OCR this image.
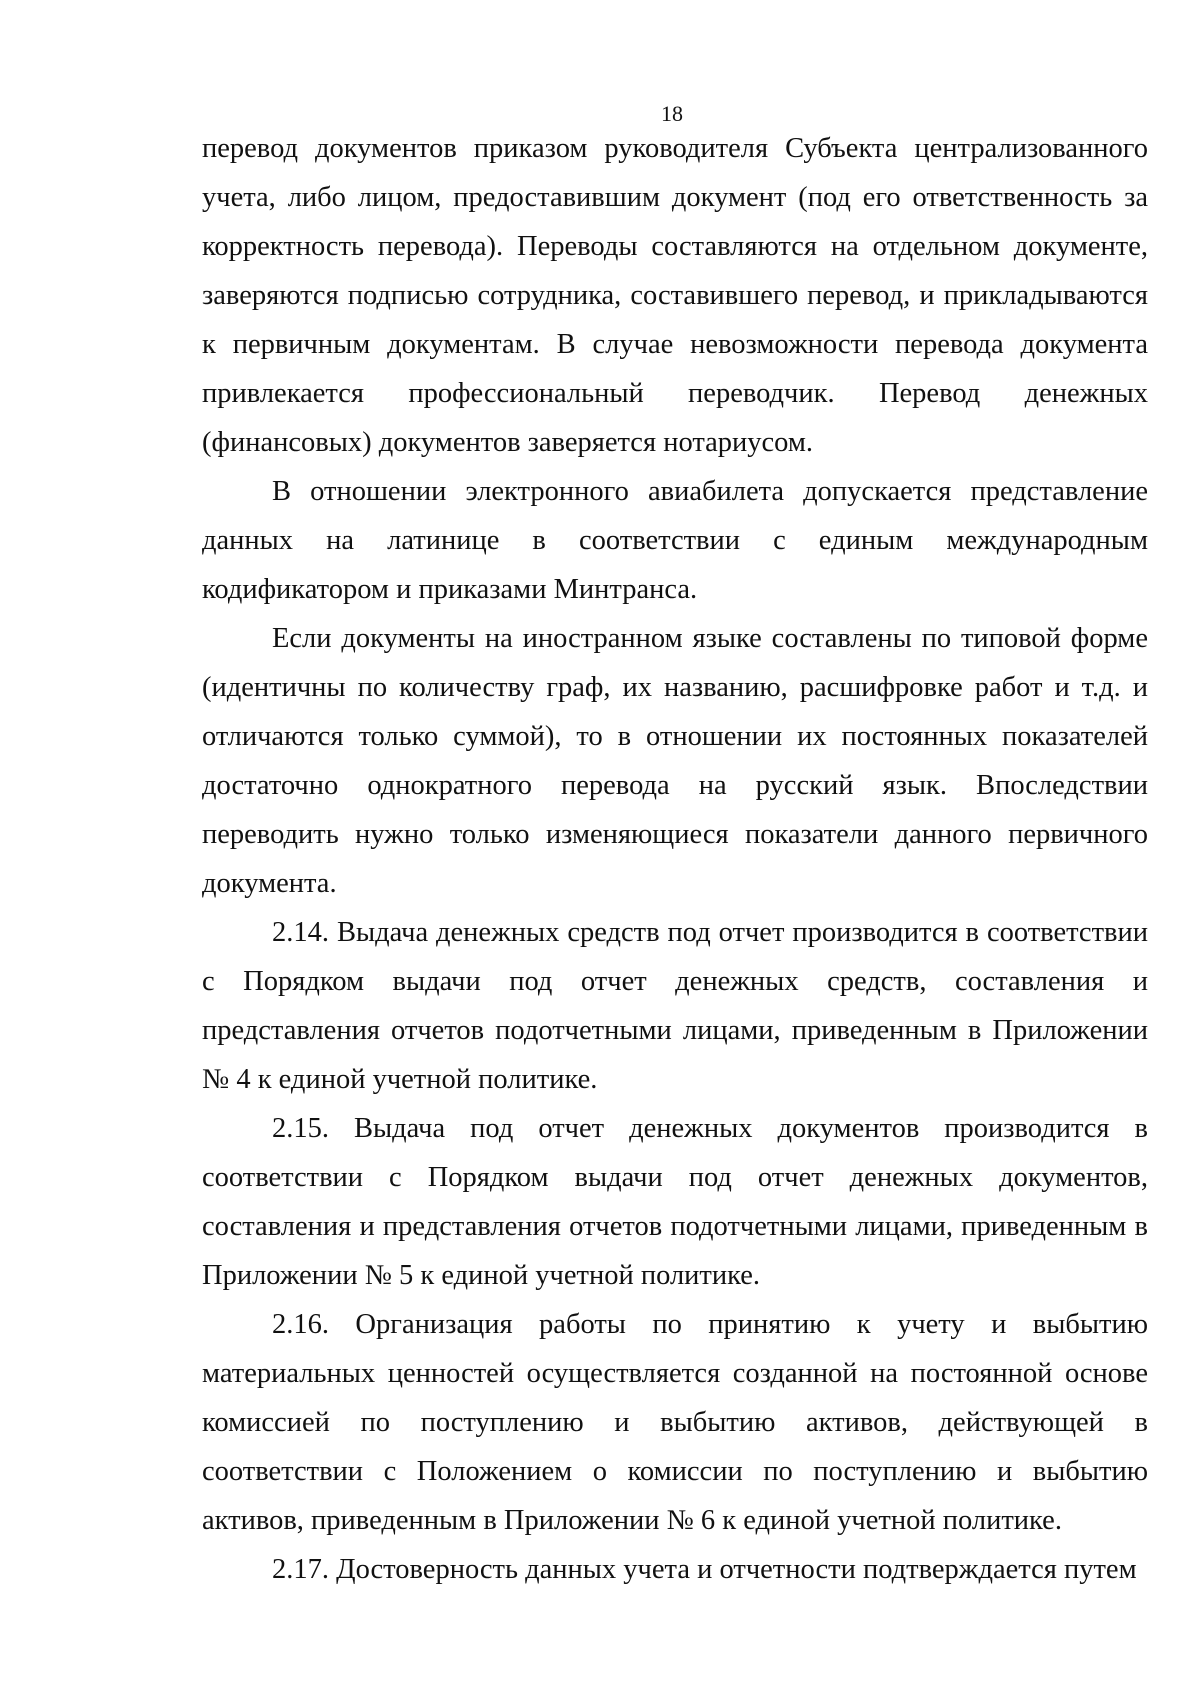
18

перевод документов приказом руководителя Субъекта централизованного учета, либо лицом, предоставившим документ (под его ответственность за корректность перевода). Переводы составляются на отдельном документе, заверяются подписью сотрудника, составившего перевод, и прикладываются к первичным документам. В случае невозможности перевода документа привлекается профессиональный переводчик. Перевод денежных (финансовых) документов заверяется нотариусом.

В отношении электронного авиабилета допускается представление данных на латинице в соответствии с единым международным кодификатором и приказами Минтранса.

Если документы на иностранном языке составлены по типовой форме (идентичны по количеству граф, их названию, расшифровке работ и т.д. и отличаются только суммой), то в отношении их постоянных показателей достаточно однократного перевода на русский язык. Впоследствии переводить нужно только изменяющиеся показатели данного первичного документа.

2.14. Выдача денежных средств под отчет производится в соответствии с Порядком выдачи под отчет денежных средств, составления и представления отчетов подотчетными лицами, приведенным в Приложении № 4 к единой учетной политике.

2.15. Выдача под отчет денежных документов производится в соответствии с Порядком выдачи под отчет денежных документов, составления и представления отчетов подотчетными лицами, приведенным в Приложении № 5 к единой учетной политике.

2.16. Организация работы по принятию к учету и выбытию материальных ценностей осуществляется созданной на постоянной основе комиссией по поступлению и выбытию активов, действующей в соответствии с Положением о комиссии по поступлению и выбытию активов, приведенным в Приложении № 6 к единой учетной политике.

2.17. Достоверность данных учета и отчетности подтверждается путем
